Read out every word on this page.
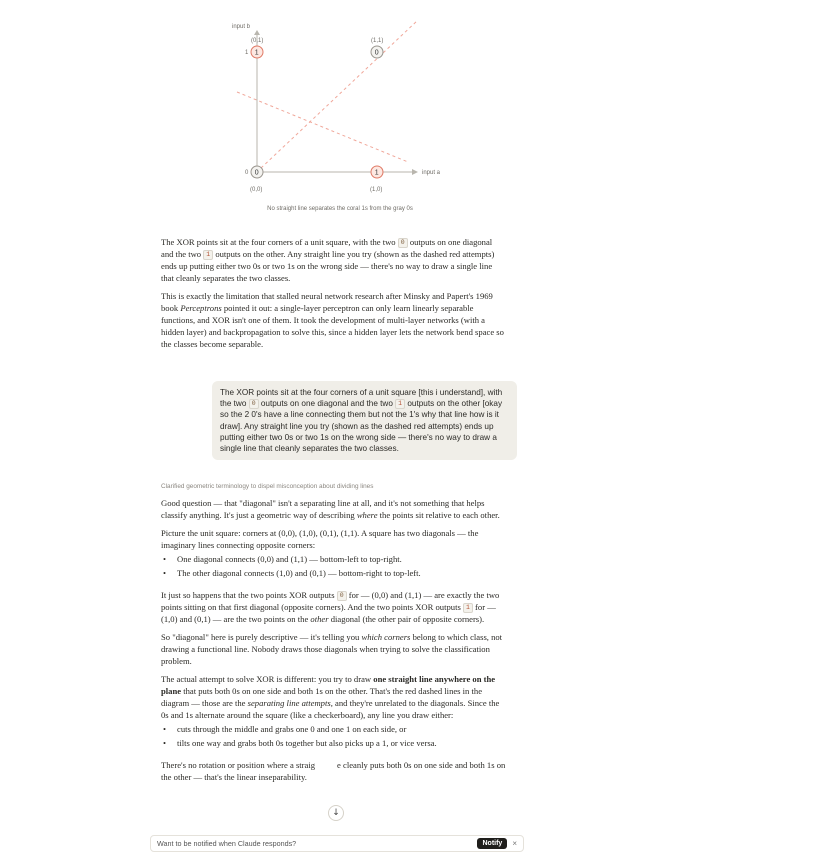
input b
input a
(0,1)
1 1
(1,1)
0
0 0
(0,0)
1
(1,0)
No straight line separates the coral 1s from the gray 0s

The XOR points sit at the four corners of a unit square, with the two 0 outputs on one diagonal and the two 1 outputs on the other. Any straight line you try (shown as the dashed red attempts) ends up putting either two 0s or two 1s on the wrong side — there's no way to draw a single line that cleanly separates the two classes.

This is exactly the limitation that stalled neural network research after Minsky and Papert's 1969 book Perceptrons pointed it out: a single-layer perceptron can only learn linearly separable functions, and XOR isn't one of them. It took the development of multi-layer networks (with a hidden layer) and backpropagation to solve this, since a hidden layer lets the network bend space so the classes become separable.

The XOR points sit at the four corners of a unit square [this i understand], with the two 0 outputs on one diagonal and the two 1 outputs on the other [okay so the 2 0's have a line connecting them but not the 1's why that line how is it draw]. Any straight line you try (shown as the dashed red attempts) ends up putting either two 0s or two 1s on the wrong side — there's no way to draw a single line that cleanly separates the two classes.
Clarified geometric terminology to dispel misconception about dividing lines

Good question — that "diagonal" isn't a separating line at all, and it's not something that helps classify anything. It's just a geometric way of describing where the points sit relative to each other.

Picture the unit square: corners at (0,0), (1,0), (0,1), (1,1). A square has two diagonals — the imaginary lines connecting opposite corners:

• One diagonal connects (0,0) and (1,1) — bottom-left to top-right.
• The other diagonal connects (1,0) and (0,1) — bottom-right to top-left.

It just so happens that the two points XOR outputs 0 for — (0,0) and (1,1) — are exactly the two points sitting on that first diagonal (opposite corners). And the two points XOR outputs 1 for — (1,0) and (0,1) — are the two points on the other diagonal (the other pair of opposite corners).

So "diagonal" here is purely descriptive — it's telling you which corners belong to which class, not drawing a functional line. Nobody draws those diagonals when trying to solve the classification problem.

The actual attempt to solve XOR is different: you try to draw one straight line anywhere on the plane that puts both 0s on one side and both 1s on the other. That's the red dashed lines in the diagram — those are the separating line attempts, and they're unrelated to the diagonals. Since the 0s and 1s alternate around the square (like a checkerboard), any line you draw either:

• cuts through the middle and grabs one 0 and one 1 on each side, or
• tilts one way and grabs both 0s together but also picks up a 1, or vice versa.

There's no rotation or position where a straig	e cleanly puts both 0s on one side and both 1s on the other — that's the linear inseparability.

↓
Want to be notified when Claude responds?	Notify	×
